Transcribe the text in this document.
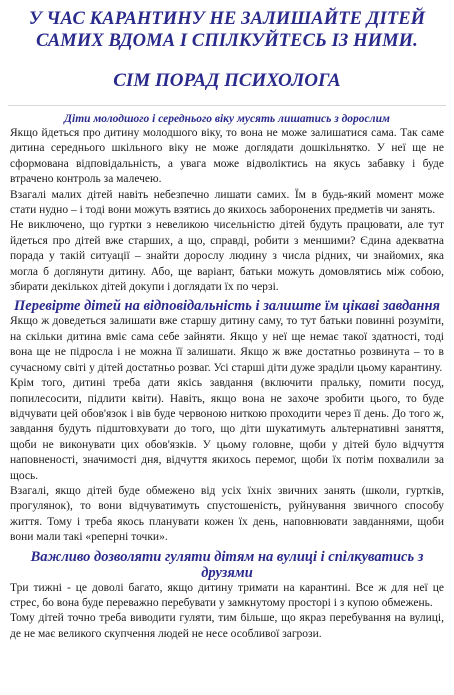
У ЧАС КАРАНТИНУ НЕ ЗАЛИШАЙТЕ ДІТЕЙ САМИХ ВДОМА І СПІЛКУЙТЕСЬ ІЗ НИМИ.
СІМ ПОРАД ПСИХОЛОГА
Діти молодшого і середнього віку мусять лишатись з дорослим

Якщо йдеться про дитину молодшого віку, то вона не може залишатися сама. Так саме дитина середнього шкільного віку не може доглядати дошкільнятко. У неї ще не сформована відповідальність, а увага може відволіктись на якусь забавку і буде втрачено контроль за малечею.

Взагалі малих дітей навіть небезпечно лишати самих. Їм в будь-який момент може стати нудно – і тоді вони можуть взятись до якихось заборонених предметів чи занять.

Не виключено, що гуртки з невеликою чисельністю дітей будуть працювати, але тут йдеться про дітей вже старших, а що, справді, робити з меншими? Єдина адекватна порада у такій ситуації – знайти дорослу людину з числа рідних, чи знайомих, яка могла б доглянути дитину. Або, ще варіант, батьки можуть домовлятись між собою, збирати декількох дітей докупи і доглядати їх по черзі.

Перевірте дітей на відповідальність і залиште їм цікаві завдання

Якщо ж доведеться залишати вже старшу дитину саму, то тут батьки повинні розуміти, на скільки дитина вміє сама себе зайняти. Якщо у неї ще немає такої здатності, тоді вона ще не підросла і не можна її залишати. Якщо ж вже достатньо розвинута – то в сучасному світі у дітей достатньо розваг. Усі старші діти дуже зраділи цьому карантину.

Крім того, дитині треба дати якісь завдання (включити пральку, помити посуд, попилесосити, підлити квіти). Навіть, якщо вона не захоче зробити цього, то буде відчувати цей обов'язок і вів буде червоною ниткою проходити через її день. До того ж, завдання будуть підштовхувати до того, що діти шукатимуть альтернативні заняття, щоби не виконувати цих обов'язків. У цьому головне, щоби у дітей було відчуття наповненості, значимості дня, відчуття якихось перемог, щоби їх потім похвалили за щось.

Взагалі, якщо дітей буде обмежено від усіх їхніх звичних занять (школи, гуртків, прогулянок), то вони відчуватимуть спустошеність, руйнування звичного способу життя. Тому і треба якось планувати кожен їх день, наповнювати завданнями, щоби вони мали такі «реперні точки».

Важливо дозволяти гуляти дітям на вулиці і спілкуватись з друзями

Три тижні - це доволі багато, якщо дитину тримати на карантині. Все ж для неї це стрес, бо вона буде переважно перебувати у замкнутому просторі і з купою обмежень.

Тому дітей точно треба виводити гуляти, тим більше, що якраз перебування на вулиці, де не має великого скупчення людей не несе особливої загрози.
